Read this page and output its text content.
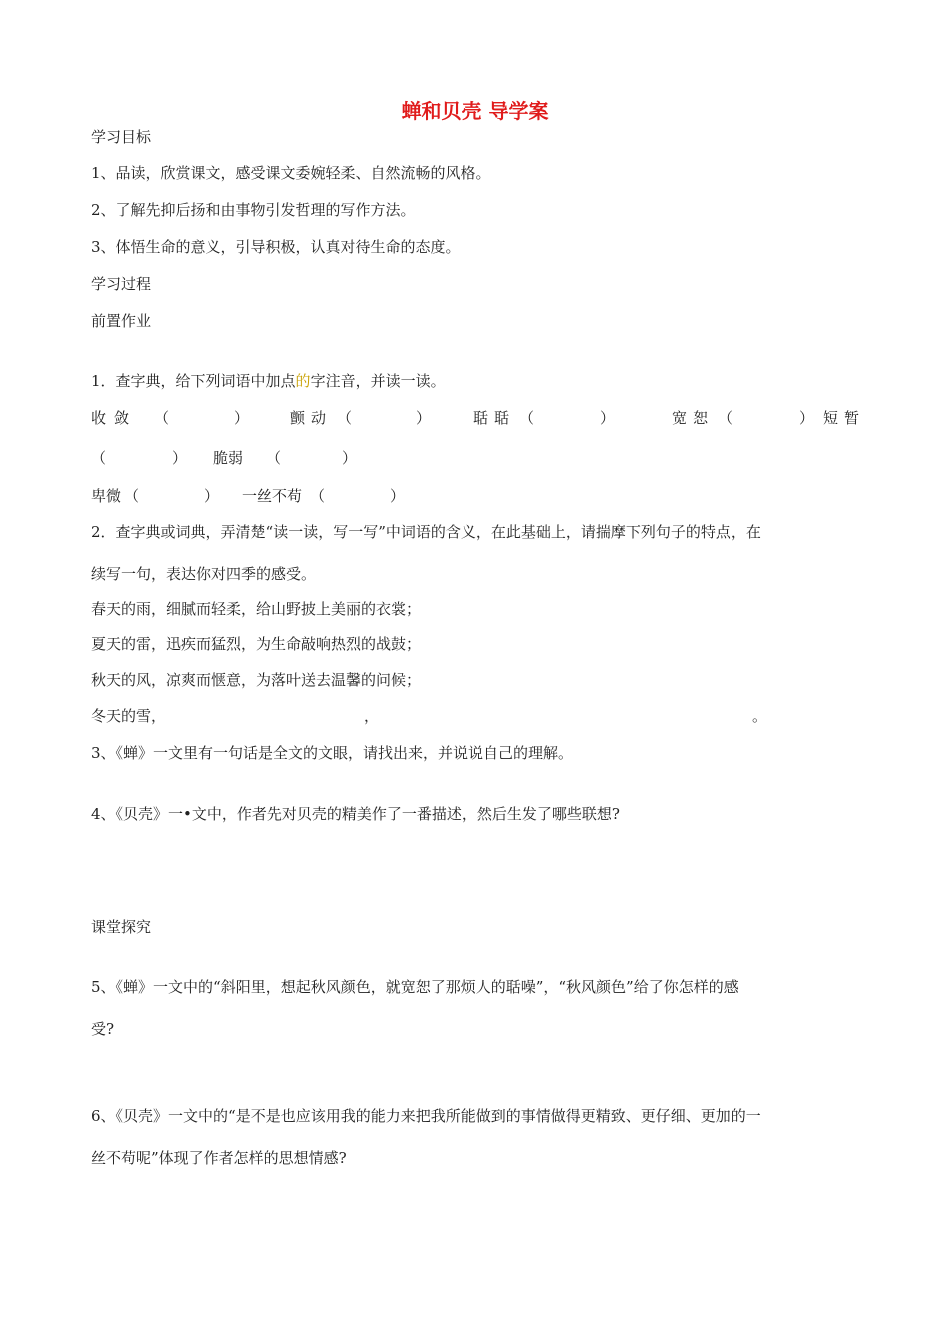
蝉和贝壳 导学案
学习目标
1、品读，欣赏课文，感受课文委婉轻柔、自然流畅的风格。
2、了解先抑后扬和由事物引发哲理的写作方法。
3、体悟生命的意义，引导积极，认真对待生命的态度。
学习过程
前置作业
1．查字典，给下列词语中加点的字注音，并读一读。
收敛 （	）	颤动 （	）	聒聒 （	）	宽恕 （	） 短暂
（	） 脆弱 （	）
卑微 （	） 一丝不苟 （	）
2．查字典或词典，弄清楚“读一读，写一写”中词语的含义，在此基础上，请揣摩下列句子的特点，在
续写一句，表达你对四季的感受。
春天的雨，细腻而轻柔，给山野披上美丽的衣裳；
夏天的雷，迅疾而猛烈，为生命敲响热烈的战鼓；
秋天的风，凉爽而惬意，为落叶送去温馨的问候；
冬天的雪，	，	。
3、《蝉》一文里有一句话是全文的文眼，请找出来，并说说自己的理解。
4、《贝壳》一•文中，作者先对贝壳的精美作了一番描述，然后生发了哪些联想?
课堂探究
5、《蝉》一文中的“斜阳里，想起秋风颜色，就宽恕了那烦人的聒噪”，“秋风颜色”给了你怎样的感
受?
6、《贝壳》一文中的“是不是也应该用我的能力来把我所能做到的事情做得更精致、更仔细、更加的一
丝不苟呢”体现了作者怎样的思想情感?
